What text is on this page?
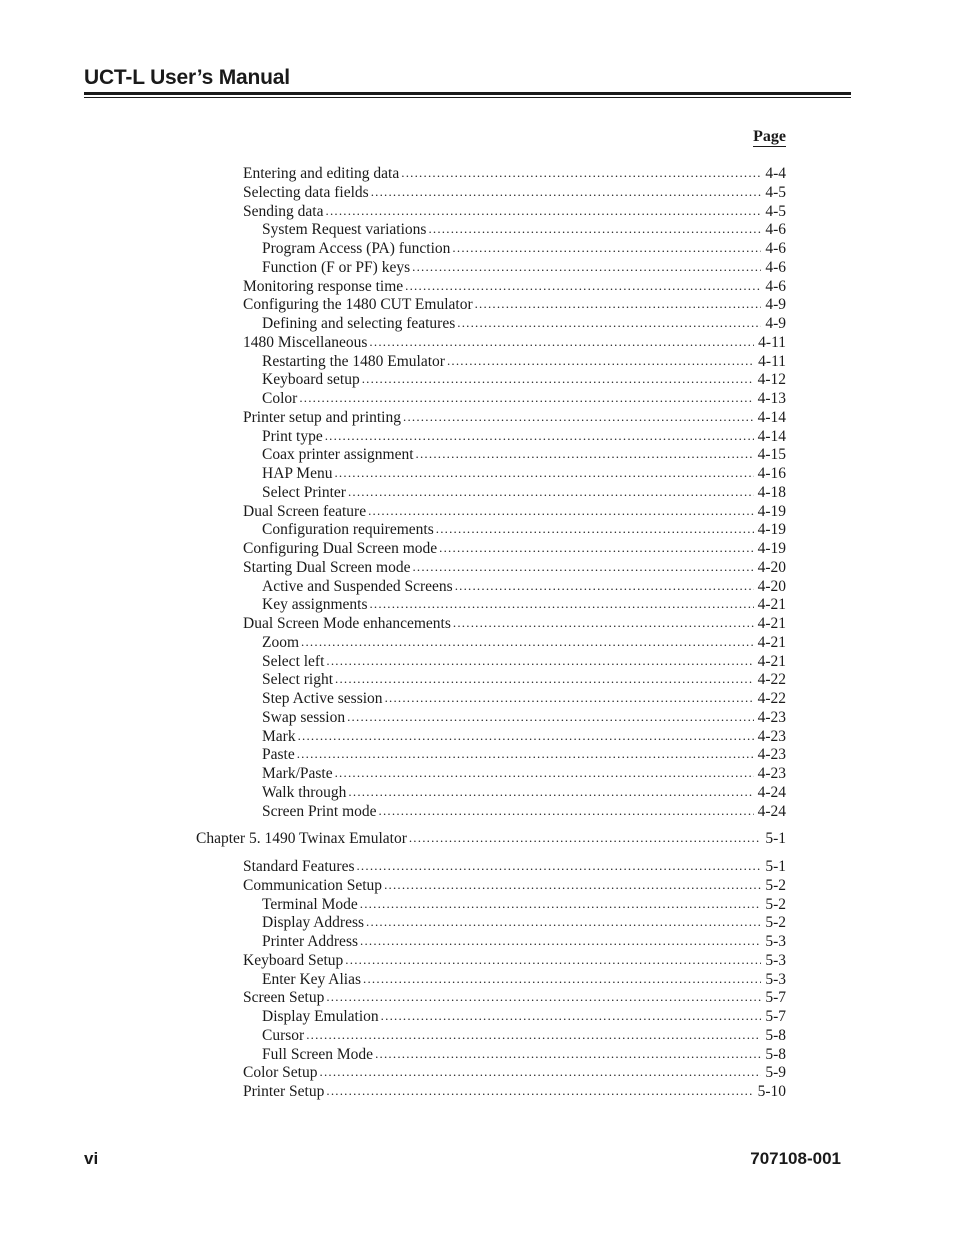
UCT-L User’s Manual
Page
Entering and editing data .....	4-4
Selecting data fields .....	4-5
Sending data .....	4-5
System Request variations .....	4-6
Program Access (PA) function .....	4-6
Function (F or PF) keys .....	4-6
Monitoring response time .....	4-6
Configuring the 1480 CUT Emulator .....	4-9
Defining and selecting features .....	4-9
1480 Miscellaneous .....	4-11
Restarting the 1480 Emulator .....	4-11
Keyboard setup .....	4-12
Color .....	4-13
Printer setup and printing .....	4-14
Print type .....	4-14
Coax printer assignment .....	4-15
HAP Menu .....	4-16
Select Printer .....	4-18
Dual Screen feature .....	4-19
Configuration requirements .....	4-19
Configuring Dual Screen mode .....	4-19
Starting Dual Screen mode .....	4-20
Active and Suspended Screens .....	4-20
Key assignments .....	4-21
Dual Screen Mode enhancements .....	4-21
Zoom .....	4-21
Select left .....	4-21
Select right .....	4-22
Step Active session .....	4-22
Swap session .....	4-23
Mark .....	4-23
Paste .....	4-23
Mark/Paste .....	4-23
Walk through .....	4-24
Screen Print mode .....	4-24
Chapter 5. 1490 Twinax Emulator .....	5-1
Standard Features .....	5-1
Communication Setup .....	5-2
Terminal Mode .....	5-2
Display Address .....	5-2
Printer Address .....	5-3
Keyboard Setup .....	5-3
Enter Key Alias .....	5-3
Screen Setup .....	5-7
Display Emulation .....	5-7
Cursor .....	5-8
Full Screen Mode .....	5-8
Color Setup .....	5-9
Printer Setup .....	5-10
vi	707108-001
